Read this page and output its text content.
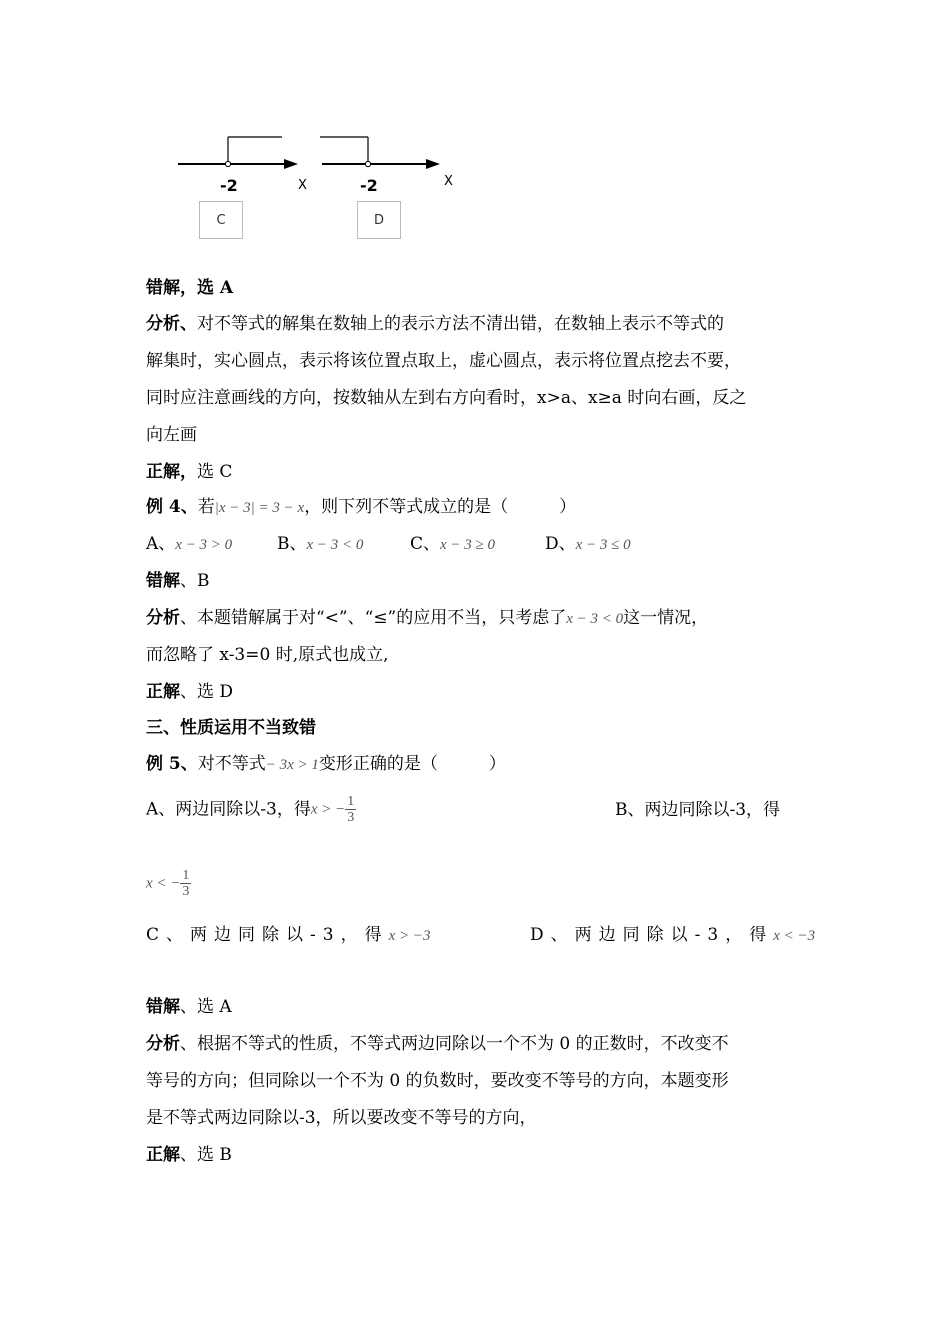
-2	X	-2	X
C	D
错解，选 A
分析、对不等式的解集在数轴上的表示方法不清出错，在数轴上表示不等式的
解集时，实心圆点，表示将该位置点取上，虚心圆点，表示将位置点挖去不要，
同时应注意画线的方向，按数轴从左到右方向看时，x>a、x≥a 时向右画，反之
向左画
正解，选 C
例 4、若|x − 3| = 3 − x，则下列不等式成立的是（　　　）
A、x − 3 > 0	B、x − 3 < 0	C、x − 3 ≥ 0	D、x − 3 ≤ 0
错解、B
分析、本题错解属于对“<”、“≤”的应用不当，只考虑了x − 3 < 0这一情况，
而忽略了 x-3=0 时,原式也成立,
正解、选 D
三、性质运用不当致错
例 5、对不等式− 3x > 1变形正确的是（　　　）
A、两边同除以-3，得x > − $\frac{1}{3}$	B、两边同除以-3，得
x < − $\frac{1}{3}$
C、两边同除以-3，得x > −3	D、两边同除以-3，得x < −3
错解、选 A
分析、根据不等式的性质，不等式两边同除以一个不为 0 的正数时，不改变不
等号的方向；但同除以一个不为 0 的负数时，要改变不等号的方向，本题变形
是不等式两边同除以-3，所以要改变不等号的方向，
正解、选 B
